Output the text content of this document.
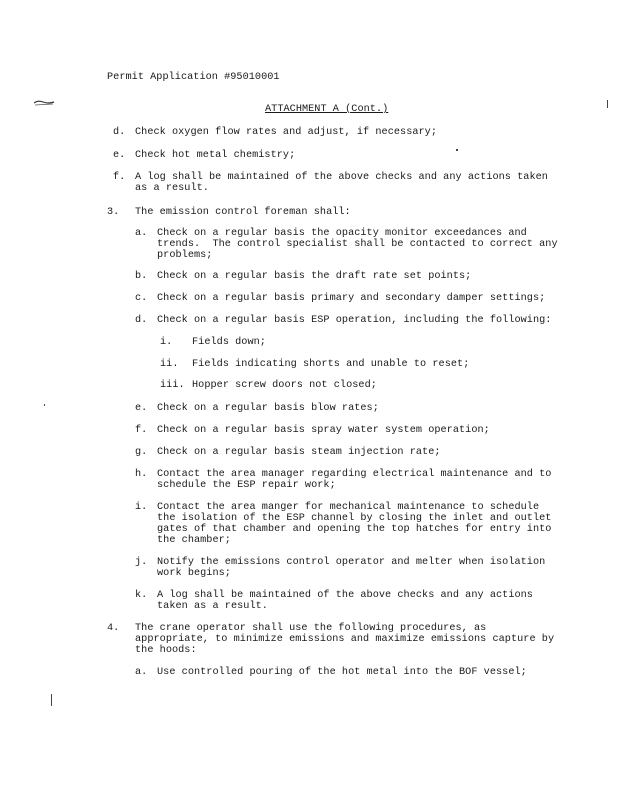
Permit Application #95010001
ATTACHMENT A (Cont.)
d. Check oxygen flow rates and adjust, if necessary;
e. Check hot metal chemistry;
f. A log shall be maintained of the above checks and any actions taken
as a result.
3. The emission control foreman shall:
a. Check on a regular basis the opacity monitor exceedances and
trends.  The control specialist shall be contacted to correct any
problems;
b. Check on a regular basis the draft rate set points;
c. Check on a regular basis primary and secondary damper settings;
d. Check on a regular basis ESP operation, including the following:
i. Fields down;
ii. Fields indicating shorts and unable to reset;
iii. Hopper screw doors not closed;
e. Check on a regular basis blow rates;
f. Check on a regular basis spray water system operation;
g. Check on a regular basis steam injection rate;
h. Contact the area manager regarding electrical maintenance and to
schedule the ESP repair work;
i. Contact the area manger for mechanical maintenance to schedule
the isolation of the ESP channel by closing the inlet and outlet
gates of that chamber and opening the top hatches for entry into
the chamber;
j. Notify the emissions control operator and melter when isolation
work begins;
k. A log shall be maintained of the above checks and any actions
taken as a result.
4. The crane operator shall use the following procedures, as
appropriate, to minimize emissions and maximize emissions capture by
the hoods:
a. Use controlled pouring of the hot metal into the BOF vessel;
